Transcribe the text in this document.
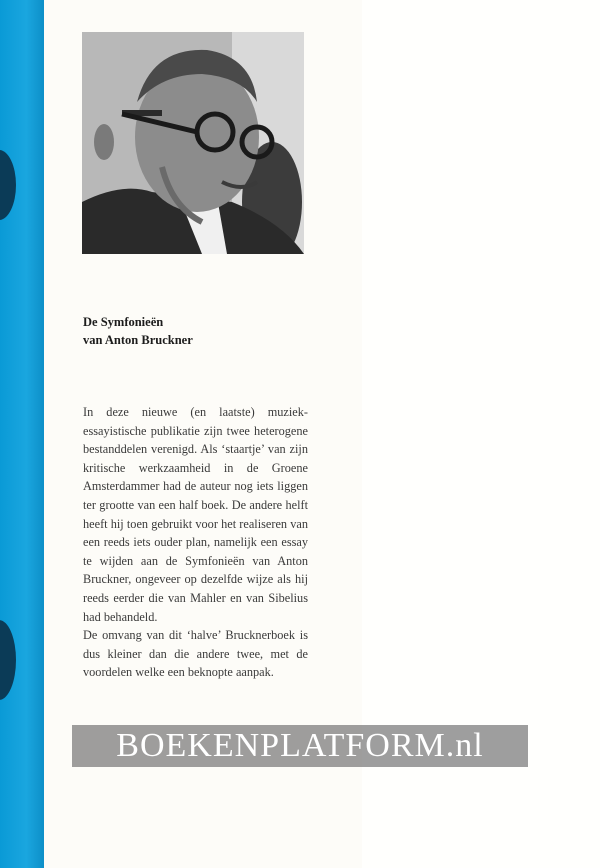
De Symfonieën
van Anton Bruckner

In deze nieuwe (en laatste) muziek-essayistische publikatie zijn twee heterogene bestanddelen verenigd. Als ‘staartje’ van zijn kritische werkzaamheid in de Groene Amsterdammer had de auteur nog iets liggen ter grootte van een half boek. De andere helft heeft hij toen gebruikt voor het realiseren van een reeds iets ouder plan, namelijk een essay te wijden aan de Symfonieën van Anton Bruckner, ongeveer op dezelfde wijze als hij reeds eerder die van Mahler en van Sibelius had behandeld.

De omvang van dit ‘halve’ Brucknerboek is dus kleiner dan die andere twee, met de voordelen welke een beknopte aanpak.

BOEKENPLATFORM.nl
